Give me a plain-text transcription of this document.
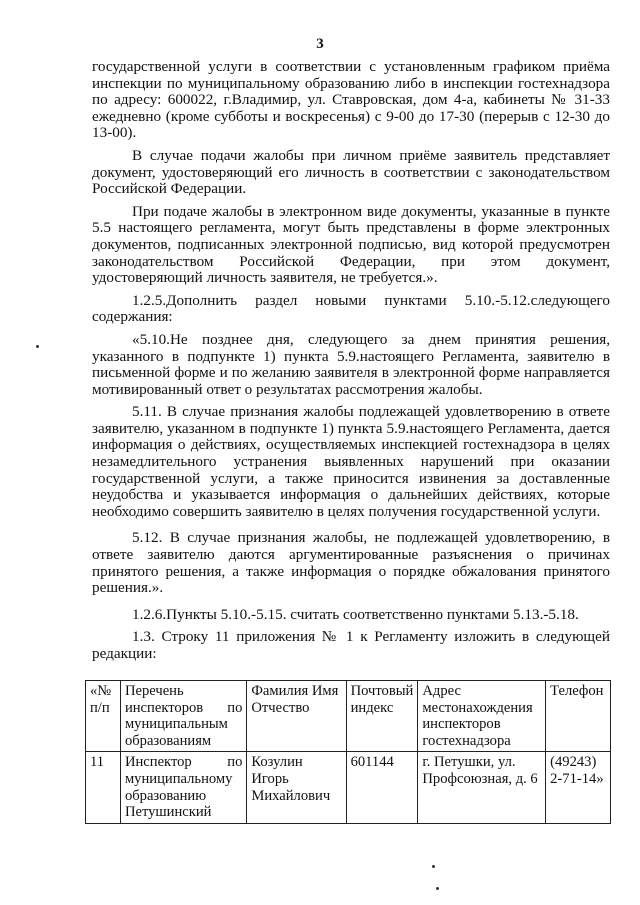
3

государственной услуги в соответствии с установленным графиком приёма инспекции по муниципальному образованию либо в инспекции гостехнадзора по адресу: 600022, г.Владимир, ул. Ставровская, дом 4-а, кабинеты № 31-33 ежедневно (кроме субботы и воскресенья) с 9-00 до 17-30 (перерыв с 12-30 до 13-00).

В случае подачи жалобы при личном приёме заявитель представляет документ, удостоверяющий его личность в соответствии с законодательством Российской Федерации.

При подаче жалобы в электронном виде документы, указанные в пункте 5.5 настоящего регламента, могут быть представлены в форме электронных документов, подписанных электронной подписью, вид которой предусмотрен законодательством Российской Федерации, при этом документ, удостоверяющий личность заявителя, не требуется.».

1.2.5.Дополнить раздел новыми пунктами 5.10.-5.12.следующего содержания:

«5.10.Не позднее дня, следующего за днем принятия решения, указанного в подпункте 1) пункта 5.9.настоящего Регламента, заявителю в письменной форме и по желанию заявителя в электронной форме направляется мотивированный ответ о результатах рассмотрения жалобы.

5.11. В случае признания жалобы подлежащей удовлетворению в ответе заявителю, указанном в подпункте 1) пункта 5.9.настоящего Регламента, дается информация о действиях, осуществляемых инспекцией гостехнадзора в целях незамедлительного устранения выявленных нарушений при оказании государственной услуги, а также приносится извинения за доставленные неудобства и указывается информация о дальнейших действиях, которые необходимо совершить заявителю в целях получения государственной услуги.

5.12. В случае признания жалобы, не подлежащей удовлетворению, в ответе заявителю даются аргументированные разъяснения о причинах принятого решения, а также информация о порядке обжалования принятого решения.».

1.2.6.Пункты 5.10.-5.15. считать соответственно пунктами 5.13.-5.18.

1.3. Строку 11 приложения № 1 к Регламенту изложить в следующей редакции:

«№ п/п	Перечень инспекторов по муниципальным образованиям	Фамилия Имя Отчество	Почтовый индекс	Адрес местонахождения инспекторов гостехнадзора	Телефон
11	Инспектор по муниципальному образованию Петушинский	Козулин Игорь Михайлович	601144	г. Петушки, ул. Профсоюзная, д. 6	(49243) 2-71-14»
